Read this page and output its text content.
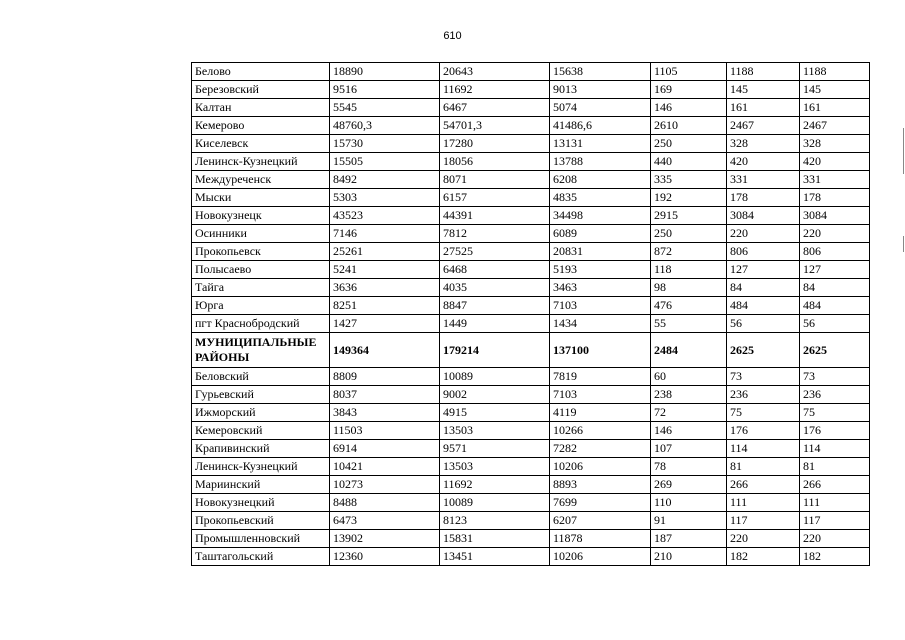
610
Белово	18890	20643	15638	1105	1188	1188
Березовский	9516	11692	9013	169	145	145
Калтан	5545	6467	5074	146	161	161
Кемерово	48760,3	54701,3	41486,6	2610	2467	2467
Киселевск	15730	17280	13131	250	328	328
Ленинск-Кузнецкий	15505	18056	13788	440	420	420
Междуреченск	8492	8071	6208	335	331	331
Мыски	5303	6157	4835	192	178	178
Новокузнецк	43523	44391	34498	2915	3084	3084
Осинники	7146	7812	6089	250	220	220
Прокопьевск	25261	27525	20831	872	806	806
Полысаево	5241	6468	5193	118	127	127
Тайга	3636	4035	3463	98	84	84
Юрга	8251	8847	7103	476	484	484
пгт Краснобродский	1427	1449	1434	55	56	56
МУНИЦИПАЛЬНЫЕ РАЙОНЫ	149364	179214	137100	2484	2625	2625
Беловский	8809	10089	7819	60	73	73
Гурьевский	8037	9002	7103	238	236	236
Ижморский	3843	4915	4119	72	75	75
Кемеровский	11503	13503	10266	146	176	176
Крапивинский	6914	9571	7282	107	114	114
Ленинск-Кузнецкий	10421	13503	10206	78	81	81
Мариинский	10273	11692	8893	269	266	266
Новокузнецкий	8488	10089	7699	110	111	111
Прокопьевский	6473	8123	6207	91	117	117
Промышленновский	13902	15831	11878	187	220	220
Таштагольский	12360	13451	10206	210	182	182
